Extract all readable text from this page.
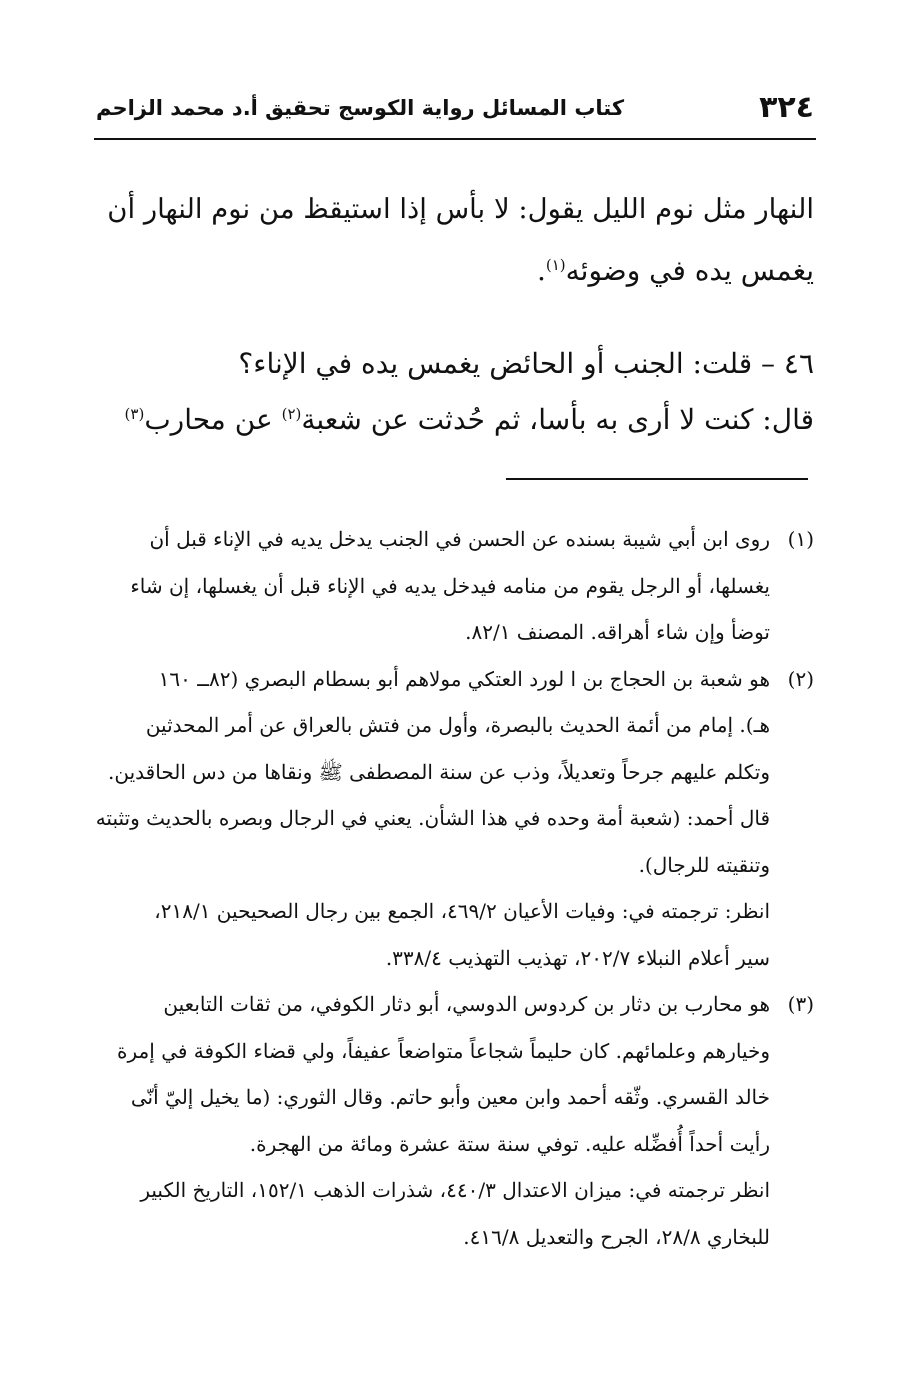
٣٢٤
كتاب المسائل رواية الكوسج تحقيق أ.د محمد الزاحم

النهار مثل نوم الليل يقول: لا بأس إذا استيقظ من نوم النهار أن

يغمس يده في وضوئه$^{(١)}$.

٤٦ – قلت: الجنب أو الحائض يغمس يده في الإناء؟

قال: كنت لا أرى به بأسا، ثم حُدثت عن شعبة$^{(٢)}$ عن محارب$^{(٣)}$

(١)روى ابن أبي شيبة بسنده عن الحسن في الجنب يدخل يديه في الإناء قبل أن

يغسلها، أو الرجل يقوم من منامه فيدخل يديه في الإناء قبل أن يغسلها، إن شاء

توضأ وإن شاء أهراقه. المصنف ٨٢/١.

(٢)هو شعبة بن الحجاج بن ا لورد العتكي مولاهم أبو بسطام البصري (٨٢ــ ١٦٠

هـ). إمام من أئمة الحديث بالبصرة، وأول من فتش بالعراق عن أمر المحدثين

وتكلم عليهم جرحاً وتعديلاً، وذب عن سنة المصطفى ﷺ ونقاها من دس الحاقدين.

قال أحمد: (شعبة أمة وحده في هذا الشأن. يعني في الرجال وبصره بالحديث وتثبته

وتنقيته للرجال).

انظر: ترجمته في: وفيات الأعيان ٤٦٩/٢، الجمع بين رجال الصحيحين ٢١٨/١،

سير أعلام النبلاء ٢٠٢/٧، تهذيب التهذيب ٣٣٨/٤.

(٣)هو محارب بن دثار بن كردوس الدوسي، أبو دثار الكوفي، من ثقات التابعين

وخيارهم وعلمائهم. كان حليماً شجاعاً متواضعاً عفيفاً، ولي قضاء الكوفة في إمرة

خالد القسري. وثّقه أحمد وابن معين وأبو حاتم. وقال الثوري: (ما يخيل إليّ أنّى

رأيت أحداً أُفضِّله عليه. توفي سنة ستة عشرة ومائة من الهجرة.

انظر ترجمته في: ميزان الاعتدال ٤٤٠/٣، شذرات الذهب ١٥٢/١، التاريخ الكبير

للبخاري ٢٨/٨، الجرح والتعديل ٤١٦/٨.
